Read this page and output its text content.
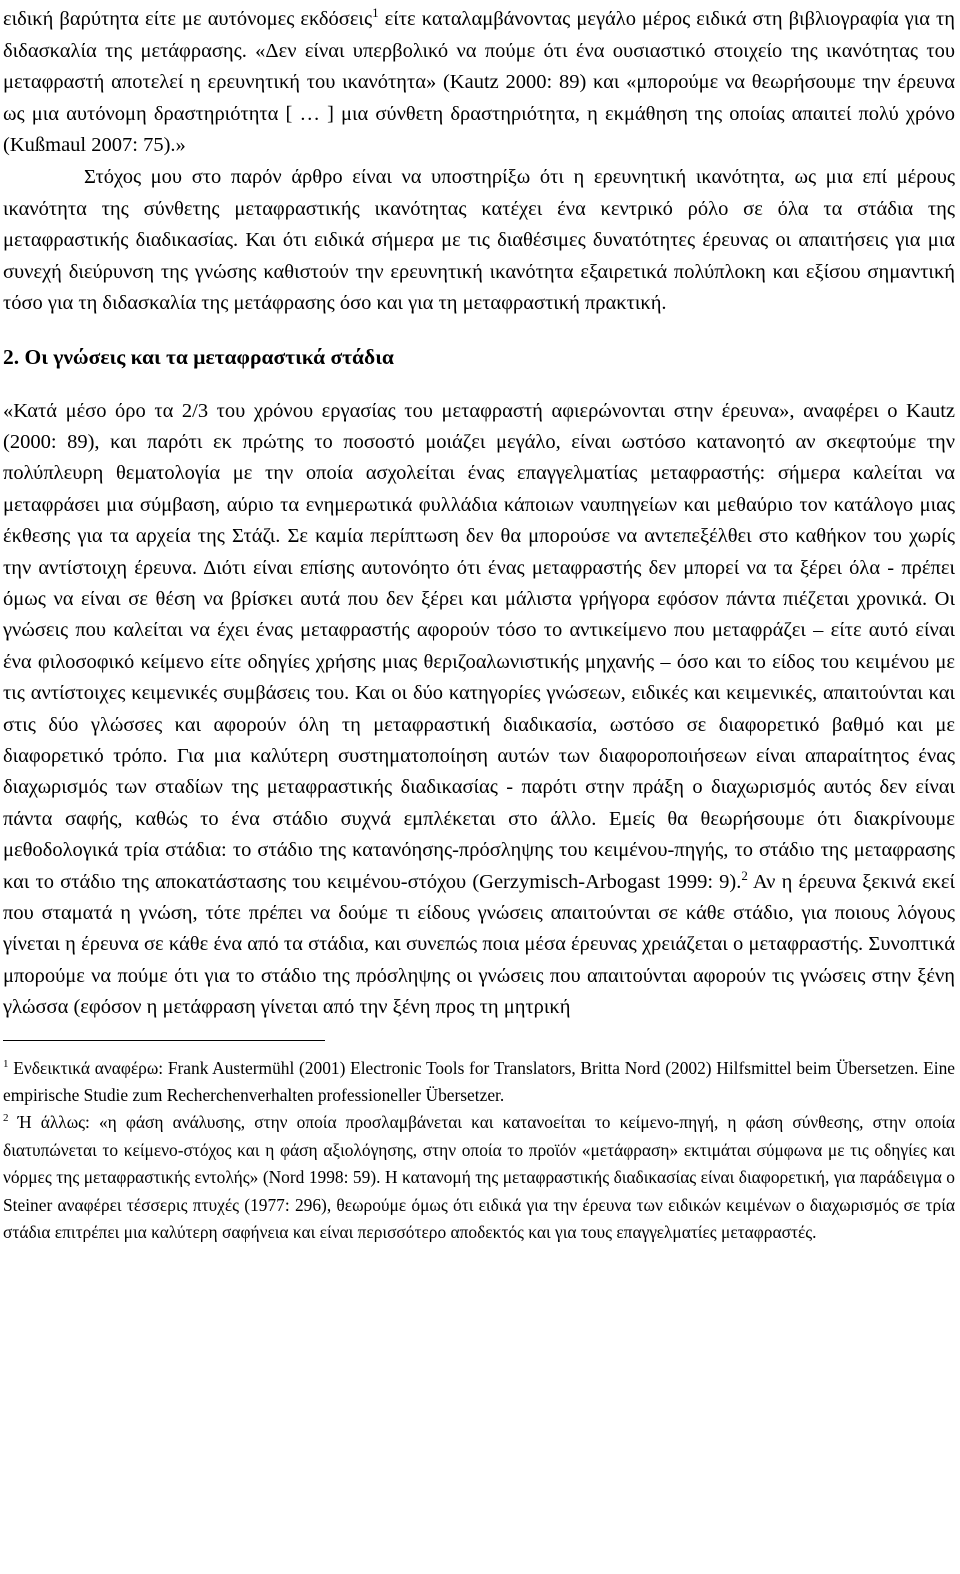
ειδική βαρύτητα είτε με αυτόνομες εκδόσεις$^1$ είτε καταλαμβάνοντας μεγάλο μέρος ειδικά στη βιβλιογραφία για τη διδασκαλία της μετάφρασης. «Δεν είναι υπερβολικό να πούμε ότι ένα ουσιαστικό στοιχείο της ικανότητας του μεταφραστή αποτελεί η ερευνητική του ικανότητα» (Kautz 2000: 89) και «μπορούμε να θεωρήσουμε την έρευνα ως μια αυτόνομη δραστηριότητα [ … ] μια σύνθετη δραστηριότητα, η εκμάθηση της οποίας απαιτεί πολύ χρόνο (Kußmaul 2007: 75).»

Στόχος μου στο παρόν άρθρο είναι να υποστηρίξω ότι η ερευνητική ικανότητα, ως μια επί μέρους ικανότητα της σύνθετης μεταφραστικής ικανότητας κατέχει ένα κεντρικό ρόλο σε όλα τα στάδια της μεταφραστικής διαδικασίας. Και ότι ειδικά σήμερα με τις διαθέσιμες δυνατότητες έρευνας οι απαιτήσεις για μια συνεχή διεύρυνση της γνώσης καθιστούν την ερευνητική ικανότητα εξαιρετικά πολύπλοκη και εξίσου σημαντική τόσο για τη διδασκαλία της μετάφρασης όσο και για τη μεταφραστική πρακτική.

2. Οι γνώσεις και τα μεταφραστικά στάδια

«Κατά μέσο όρο τα 2/3 του χρόνου εργασίας του μεταφραστή αφιερώνονται στην έρευνα», αναφέρει ο Kautz (2000: 89), και παρότι εκ πρώτης το ποσοστό μοιάζει μεγάλο, είναι ωστόσο κατανοητό αν σκεφτούμε την πολύπλευρη θεματολογία με την οποία ασχολείται ένας επαγγελματίας μεταφραστής: σήμερα καλείται να μεταφράσει μια σύμβαση, αύριο τα ενημερωτικά φυλλάδια κάποιων ναυπηγείων και μεθαύριο τον κατάλογο μιας έκθεσης για τα αρχεία της Στάζι. Σε καμία περίπτωση δεν θα μπορούσε να αντεπεξέλθει στο καθήκον του χωρίς την αντίστοιχη έρευνα. Διότι είναι επίσης αυτονόητο ότι ένας μεταφραστής δεν μπορεί να τα ξέρει όλα - πρέπει όμως να είναι σε θέση να βρίσκει αυτά που δεν ξέρει και μάλιστα γρήγορα εφόσον πάντα πιέζεται χρονικά. Οι γνώσεις που καλείται να έχει ένας μεταφραστής αφορούν τόσο το αντικείμενο που μεταφράζει – είτε αυτό είναι ένα φιλοσοφικό κείμενο είτε οδηγίες χρήσης μιας θεριζοαλωνιστικής μηχανής – όσο και το είδος του κειμένου με τις αντίστοιχες κειμενικές συμβάσεις του. Και οι δύο κατηγορίες γνώσεων, ειδικές και κειμενικές, απαιτούνται και στις δύο γλώσσες και αφορούν όλη τη μεταφραστική διαδικασία, ωστόσο σε διαφορετικό βαθμό και με διαφορετικό τρόπο. Για μια καλύτερη συστηματοποίηση αυτών των διαφοροποιήσεων είναι απαραίτητος ένας διαχωρισμός των σταδίων της μεταφραστικής διαδικασίας - παρότι στην πράξη ο διαχωρισμός αυτός δεν είναι πάντα σαφής, καθώς το ένα στάδιο συχνά εμπλέκεται στο άλλο. Εμείς θα θεωρήσουμε ότι διακρίνουμε μεθοδολογικά τρία στάδια: το στάδιο της κατανόησης-πρόσληψης του κειμένου-πηγής, το στάδιο της μεταφρασης και το στάδιο της αποκατάστασης του κειμένου-στόχου (Gerzymisch-Arbogast 1999: 9).$^2$ Αν η έρευνα ξεκινά εκεί που σταματά η γνώση, τότε πρέπει να δούμε τι είδους γνώσεις απαιτούνται σε κάθε στάδιο, για ποιους λόγους γίνεται η έρευνα σε κάθε ένα από τα στάδια, και συνεπώς ποια μέσα έρευνας χρειάζεται ο μεταφραστής. Συνοπτικά μπορούμε να πούμε ότι για το στάδιο της πρόσληψης οι γνώσεις που απαιτούνται αφορούν τις γνώσεις στην ξένη γλώσσα (εφόσον η μετάφραση γίνεται από την ξένη προς τη μητρική

$^1$ Ενδεικτικά αναφέρω: Frank Austermühl (2001) Electronic Tools for Translators, Britta Nord (2002) Hilfsmittel beim Übersetzen. Eine empirische Studie zum Recherchenverhalten professioneller Übersetzer.

$^2$ Ή άλλως: «η φάση ανάλυσης, στην οποία προσλαμβάνεται και κατανοείται το κείμενο-πηγή, η φάση σύνθεσης, στην οποία διατυπώνεται το κείμενο-στόχος και η φάση αξιολόγησης, στην οποία το προϊόν «μετάφραση» εκτιμάται σύμφωνα με τις οδηγίες και νόρμες της μεταφραστικής εντολής» (Nord 1998: 59). Η κατανομή της μεταφραστικής διαδικασίας είναι διαφορετική, για παράδειγμα ο Steiner αναφέρει τέσσερις πτυχές (1977: 296), θεωρούμε όμως ότι ειδικά για την έρευνα των ειδικών κειμένων ο διαχωρισμός σε τρία στάδια επιτρέπει μια καλύτερη σαφήνεια και είναι περισσότερο αποδεκτός και για τους επαγγελματίες μεταφραστές.
